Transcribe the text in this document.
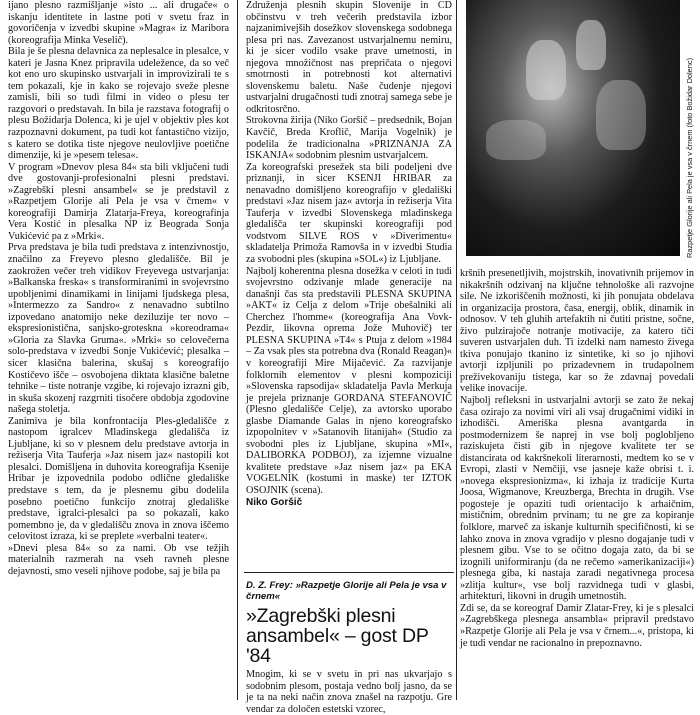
ijano plesno razmišljanje »isto ... ali drugače« o iskanju identitete in lastne poti v svetu fraz in govoričenja v izvedbi skupine »Magra« iz Maribora (koreografija Minka Veselič).

Bila je še plesna delavnica za neplesalce in plesalce, v kateri je Jasna Knez pripravila udeležence, da so več kot eno uro skupinsko ustvarjali in improvizirali te s tem pokazali, kje in kako se rojevajo sveže plesne zamisli, bili so tudi filmi in video o plesu ter razgovori o predstavah. In bila je razstava fotografij o plesu Božidarja Dolenca, ki je ujel v objektiv ples kot razpoznavni dokument, pa tudi kot fantastično vizijo, s katero se dotika tiste njegove neulovljive poetične dimenzije, ki je »pesem telesa«.

V program »Dnevov plesa 84« sta bili vključeni tudi dve gostovanji-profesionalni plesni predstavi. »Zagrebški plesni ansambel« se je predstavil z »Razpetjem Glorije ali Pela je vsa v črnem« v koreografiji Damirja Zlatarja-Freya, koreografinja Vera Kostić in plesalka NP iz Beograda Sonja Vukićević pa z »Mrki«.

Prva predstava je bila tudi predstava z intenzivnostjo, značilno za Freyevo plesno gledališče. Bil je zaokrožen večer treh vidikov Freyevega ustvarjanja: »Balkanska freska« s transformiranimi in svojevrstno upobljenimi dinamikami in linijami ljudskega plesa, »Intermezzo za Sandro« z nenavadno subtilno izpovedano anatomijo neke deziluzije ter novo – ekspresionistična, sanjsko-groteskna »koreodrama« »Gloria za Slavka Gruma«. »Mrki« so celovečerna solo-predstava v izvedbi Sonje Vukićević; plesalka – sicer klasična balerina, skušaj s koreografijo Kostičevo išče – osvobojena diktata klasične baletne tehnike – tiste notranje vzgibe, ki rojevajo izrazni gib, in skuša skozenj razgrniti tisočere obdobja zgodovine našega stoletja.

Zanimiva je bila konfrontacija Ples-gledališče z nastopom igralcev Mladinskega gledališča iz Ljubljane, ki so v plesnem delu predstave avtorja in režiserja Vita Tauferja »Jaz nisem jaz« nastopili kot plesalci. Domišljena in duhovita koreografija Ksenije Hribar je izpovednila podobo odlične gledališke predstave s tem, da je plesnemu gibu dodelila posebno poetično funkcijo znotraj gledališke predstave, igralci-plesalci pa so pokazali, kako pomembno je, da v gledališču znova in znova iščemo celovitost izraza, ki se preplete »verbalni teater«.

»Dnevi plesa 84« so za nami. Ob vse težjih materialnih razmerah na vseh ravneh plesne dejavnosti, smo veseli njihove podobe, saj je bila pa

Združenja plesnih skupin Slovenije in CD občinstvu v treh večerih predstavila izbor najzanimivejših dosežkov slovenskega sodobnega plesa pri nas. Zavezanost ustvarjalnemu nemiru, ki je sicer vodilo vsake prave umetnosti, in njegova množičnost nas prepričata o njegovi smotrnosti in potrebnosti kot alternativi slovenskemu baletu. Naše čudenje njegovi ustvarjalni drugačnosti tudi znotraj samega sebe je odkritosrčno.

Strokovna žirija (Niko Goršič – predsednik, Bojan Kavčič, Breda Kroflič, Marija Vogelnik) je podelila že tradicionalna »PRIZNANJA ZA ISKANJA« sodobnim plesnim ustvarjalcem.

Za koreografski presežek sta bili podeljeni dve priznanji, in sicer KSENJI HRIBAR za nenavadno domišljeno koreografijo v gledališki predstavi »Jaz nisem jaz« avtorja in režiserja Vita Tauferja v izvedbi Slovenskega mladinskega gledališča ter skupinski koreografiji pod vodstvom SILVE ROS v »Diverimentu« skladatelja Primoža Ramovša in v izvedbi Studia za svobodni ples (skupina »SOL«) iz Ljubljane.

Najbolj koherentna plesna dosežka v celoti in tudi svojevrstno odzivanje mlade generacije na današnji čas sta predstavili PLESNA SKUPINA »AKT« iz Celja z delom »Trije obešalniki ali Cherchez l'homme« (koreografija Ana Vovk-Pezdir, likovna oprema Jože Muhovič) ter PLESNA SKUPINA »T4« s Ptuja z delom »1984 – Za vsak ples sta potrebna dva (Ronald Reagan)« v koreografiji Mire Mijačević. Za razvijanje folklornih elementov v plesni kompoziciji »Slovenska rapsodija« skladatelja Pavla Merkuja je prejela priznanje GORDANA STEFANOVIČ (Plesno gledališče Celje), za avtorsko uporabo glasbe Diamande Galas in njeno koreografsko izpopolnitev v »Satanovih litanijah« (Studio za svobodni ples iz Ljubljane, skupina »MI«, DALIBORKA PODBOJ), za izjemne vizualne kvalitete predstave »Jaz nisem jaz« pa EKA VOGELNIK (kostumi in maske) ter IZTOK OSOJNIK (scena).

Niko Goršič

D. Z. Frey: »Razpetje Glorije ali Pela je vsa v črnem«
»Zagrebški plesni ansambel« – gost DP '84

Mnogim, ki se v svetu in pri nas ukvarjajo s sodobnim plesom, postaja vedno bolj jasno, da se je ta na neki način znova znašel na razpotju. Gre vendar za določen estetski vzorec,

Razpetje Glorije ali Pela je vsa v črnem (foto Božidar Dolenc)

kršnih presenetljivih, mojstrskih, inovativnih prijemov in nikakršnih odzivanj na ključne tehnološke ali razvojne sile. Ne izkoriščenih možnosti, ki jih ponujata obdelava in organizacija prostora, časa, energij, oblik, dinamik in odnosov. V teh gluhih artefaktih ni čutiti pristne, sočne, živo pulzirajoče notranje motivacije, za katero tiči suveren ustvarjalen duh. Ti izdelki nam namesto živega tkiva ponujajo tkanino iz sintetike, ki so jo njihovi avtorji izpljunili po prizadevnem in trudapolnem preživekovaniju tistega, kar so že zdavnaj povedali velike inovacije.

Najbolj refleksni in ustvarjalni avtorji se zato že nekaj časa ozirajo za novimi viri ali vsaj drugačnimi vidiki in izhodišči. Ameriška plesna avantgarda in postmodernizem še naprej in vse bolj poglobljeno raziskujeta čisti gib in njegove kvalitete ter se distancirata od kakršnekoli literarnosti, medtem ko se v Evropi, zlasti v Nemčiji, vse jasneje kaže obrisi t. i. »novega ekspresionizma«, ki izhaja iz tradicije Kurta Joosa, Wigmanove, Kreuzberga, Brechta in drugih. Vse pogosteje je opaziti tudi orientacijo k arhaičnim, mističnim, obrednim prvinam; tu ne gre za kopiranje folklore, marveč za iskanje kulturnih specifičnosti, ki se lahko znova in znova vgradijo v plesno dogajanje tudi v plesnem gibu. Vse to se očitno dogaja zato, da bi se izognili uniformiranju (da ne rečemo »amerikanizaciji«) plesnega giba, ki nastaja zaradi negativnega procesa »zlitja kultur«, vse bolj razvidnega tudi v glasbi, arhitekturi, likovni in drugih umetnostih.

Zdi se, da se koreograf Damir Zlatar-Frey, ki je s plesalci »Zagrebškega plesnega ansambla« pripravil predstavo »Razpetje Glorije ali Pela je vsa v črnem...«, pristopa, ki je tudi vendar ne racionalno in prepoznavno.
